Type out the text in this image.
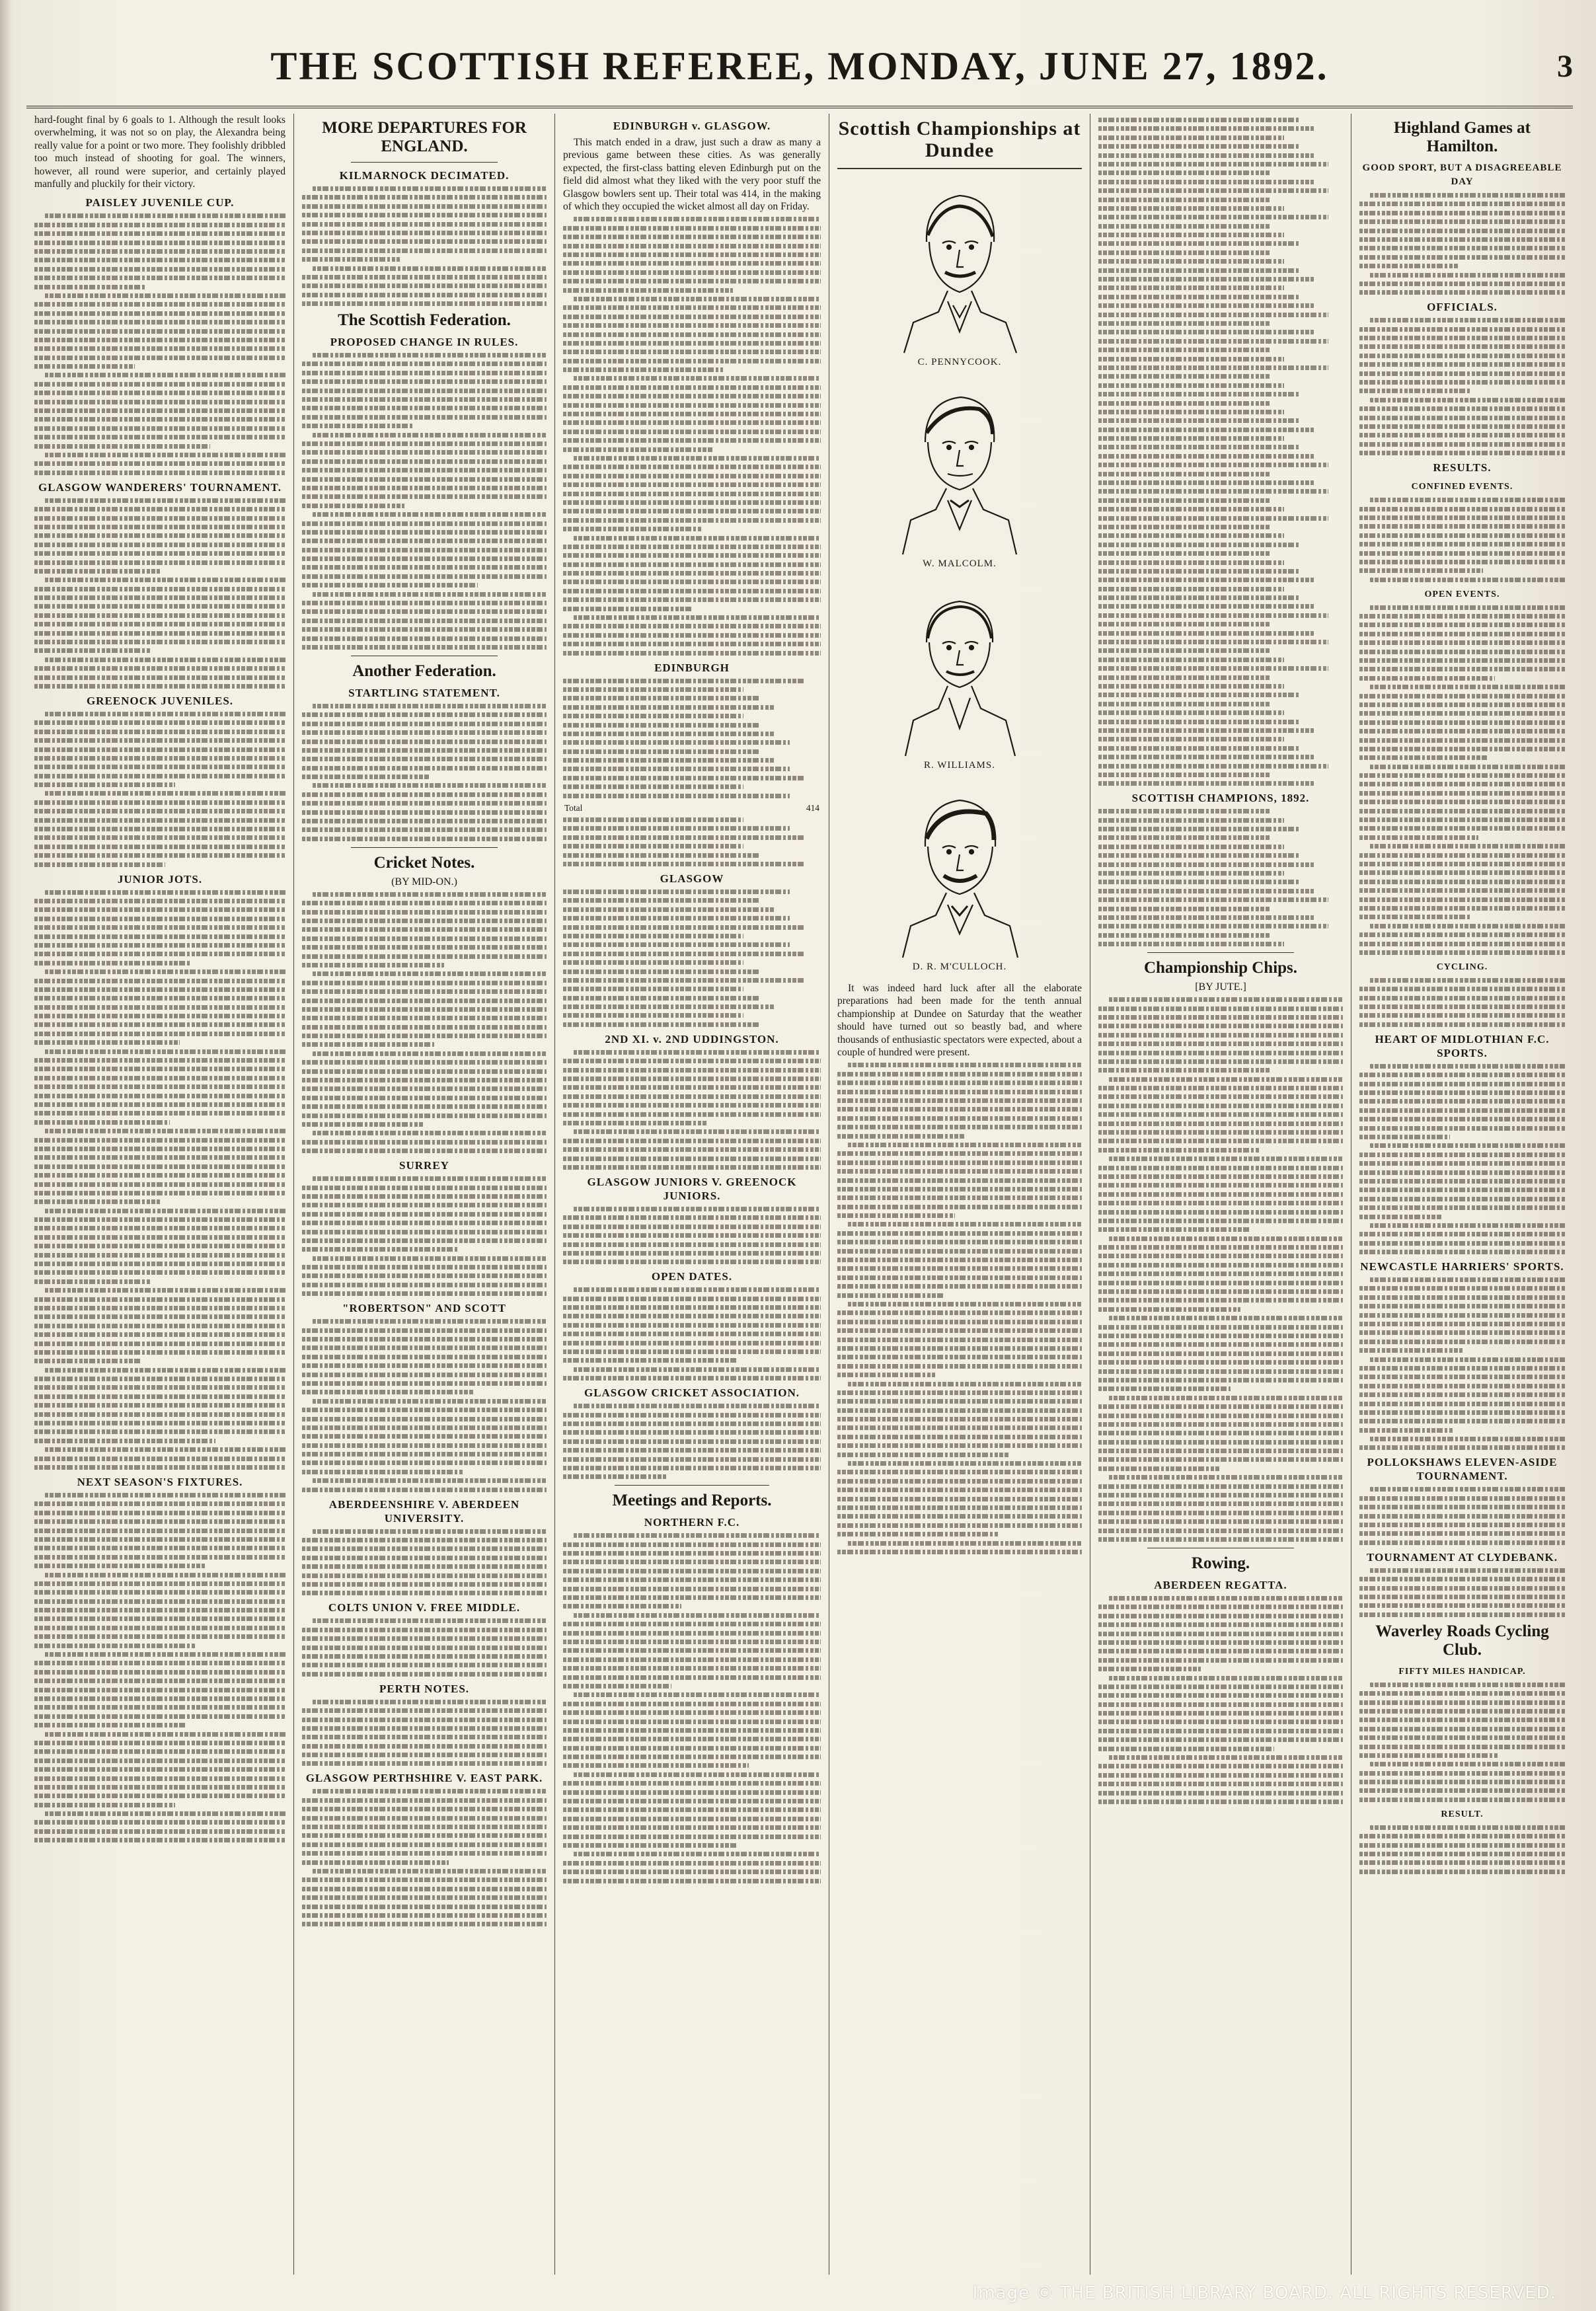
THE SCOTTISH REFEREE, MONDAY, JUNE 27, 1892.	3

hard-fought final by 6 goals to 1. Although the result looks overwhelming, it was not so on play, the Alexandra being really value for a point or two more. They foolishly dribbled too much instead of shooting for goal. The winners, however, all round were superior, and certainly played manfully and pluckily for their victory.

PAISLEY JUVENILE CUP.
GLASGOW WANDERERS' TOURNAMENT.
GREENOCK JUVENILES.
JUNIOR JOTS.
NEXT SEASON'S FIXTURES.
MORE DEPARTURES FOR ENGLAND.
KILMARNOCK DECIMATED.
The Scottish Federation.
PROPOSED CHANGE IN RULES.
Another Federation.
STARTLING STATEMENT.
Cricket Notes.
(BY MID-ON.)
SURREY
"ROBERTSON" AND SCOTT
ABERDEENSHIRE V. ABERDEEN UNIVERSITY.
COLTS UNION V. FREE MIDDLE.
PERTH NOTES.
GLASGOW PERTHSHIRE V. EAST PARK.
EDINBURGH v. GLASGOW.

This match ended in a draw, just such a draw as many a previous game between these cities. As was generally expected, the first-class batting eleven Edinburgh put on the field did almost what they liked with the very poor stuff the Glasgow bowlers sent up. Their total was 414, in the making of which they occupied the wicket almost all day on Friday.

EDINBURGH
Total	414
GLASGOW
2ND XI. v. 2ND UDDINGSTON.
GLASGOW JUNIORS V. GREENOCK JUNIORS.
OPEN DATES.
GLASGOW CRICKET ASSOCIATION.
Meetings and Reports.
NORTHERN F.C.
Scottish Championships at Dundee
C. PENNYCOOK.
W. MALCOLM.
R. WILLIAMS.
D. R. M'CULLOCH.

It was indeed hard luck after all the elaborate preparations had been made for the tenth annual championship at Dundee on Saturday that the weather should have turned out so beastly bad, and where thousands of enthusiastic spectators were expected, about a couple of hundred were present.

SCOTTISH CHAMPIONS, 1892.
Championship Chips.
[BY JUTE.]
Rowing.
ABERDEEN REGATTA.
Highland Games at Hamilton.
GOOD SPORT, BUT A DISAGREEABLE DAY
OFFICIALS.
RESULTS.
CONFINED EVENTS.
OPEN EVENTS.
CYCLING.
HEART OF MIDLOTHIAN F.C. SPORTS.
NEWCASTLE HARRIERS' SPORTS.
POLLOKSHAWS ELEVEN-ASIDE TOURNAMENT.
TOURNAMENT AT CLYDEBANK.
Waverley Roads Cycling Club.
FIFTY MILES HANDICAP.
RESULT.
Image © THE BRITISH LIBRARY BOARD. ALL RIGHTS RESERVED.
